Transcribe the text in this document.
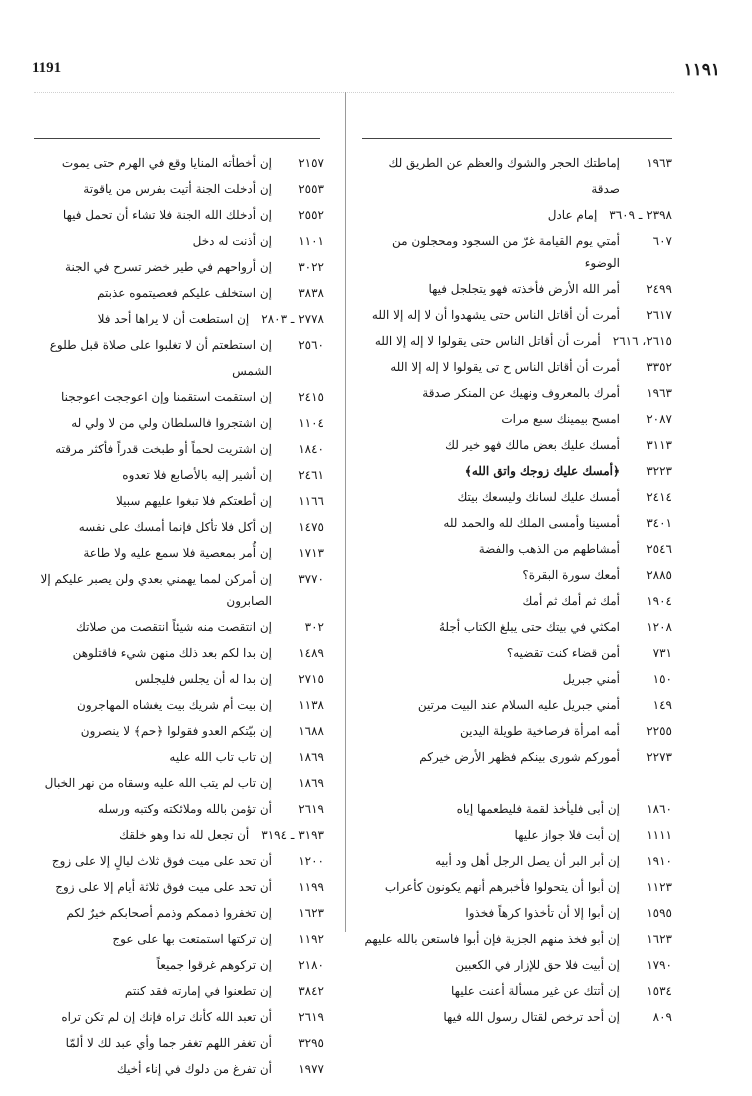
1191	١١٩١
١٩٦٣
إماطتك الحجر والشوك والعظم عن الطريق لك صدقة
٢٣٩٨ ـ ٣٦٠٩
إمام عادل
٦٠٧
أمتي يوم القيامة غرّ من السجود ومحجلون من الوضوء
٢٤٩٩
أمر الله الأرض فأخذته فهو يتجلجل فيها
٢٦١٧
أمرت أن أقاتل الناس حتى يشهدوا أن لا إله إلا الله
٢٦١٥، ٢٦١٦
أمرت أن أقاتل الناس حتى يقولوا لا إله إلا الله
٣٣٥٢
أمرت أن أقاتل الناس ح تى يقولوا لا إله إلا الله
١٩٦٣
أمرك بالمعروف ونهيك عن المنكر صدقة
٢٠٨٧
امسح بيمينك سبع مرات
٣١١٣
أمسك عليك بعض مالك فهو خير لك
٣٢٢٣
﴿أمسك عليك زوجك واتق الله﴾
٢٤١٤
أمسك عليك لسانك وليسعك بيتك
٣٤٠١
أمسينا وأمسى الملك لله والحمد لله
٢٥٤٦
أمشاطهم من الذهب والفضة
٢٨٨٥
أمعك سورة البقرة؟
١٩٠٤
أمك ثم أمك ثم أمك
١٢٠٨
امكثي في بيتك حتى يبلغ الكتاب أجلهُ
٧٣١
أمن قضاء كنت تقضيه؟
١٥٠
أمني جبريل
١٤٩
أمني جبريل عليه السلام عند البيت مرتين
٢٢٥٥
أمه امرأة فرصاخية طويلة اليدين
٢٢٧٣
أموركم شورى بينكم فظهر الأرض خيركم
١٨٦٠
إن أبى فليأخذ لقمة فليطعمها إياه
١١١١
إن أبت فلا جواز عليها
١٩١٠
إن أبر البر أن يصل الرجل أهل ود أبيه
١١٢٣
إن أبوا أن يتحولوا فأخبرهم أنهم يكونون كأعراب
١٥٩٥
إن أبوا إلا أن تأخذوا كرهاً فخذوا
١٦٢٣
إن أبو فخذ منهم الجزية فإن أبوا فاستعن بالله عليهم
١٧٩٠
إن أبيت فلا حق للإزار في الكعبين
١٥٣٤
إن أتتك عن غير مسألة أعنت عليها
٨٠٩
إن أحد ترخص لقتال رسول الله فيها
٢١٥٧
إن أخطأته المنايا وقع في الهرم حتى يموت
٢٥٥٣
إن أدخلت الجنة أتيت بفرس من ياقوتة
٢٥٥٢
إن أدخلك الله الجنة فلا تشاء أن تحمل فيها
١١٠١
إن أذنت له دخل
٣٠٢٢
إن أرواحهم في طير خضر تسرح في الجنة
٣٨٣٨
إن استخلف عليكم فعصيتموه عذبتم
٢٧٧٨ ـ ٢٨٠٣
إن استطعت أن لا يراها أحد فلا
٢٥٦٠
إن استطعتم أن لا تغلبوا على صلاة قبل طلوع الشمس
٢٤١٥
إن استقمت استقمنا وإن اعوججت اعوججنا
١١٠٤
إن اشتجروا فالسلطان ولي من لا ولي له
١٨٤٠
إن اشتريت لحماً أو طبخت قدراً فأكثر مرقته
٢٤٦١
إن أشير إليه بالأصابع فلا تعدوه
١١٦٦
إن أطعتكم فلا تبغوا عليهم سبيلا
١٤٧٥
إن أكل فلا تأكل فإنما أمسك على نفسه
١٧١٣
إن أُمر بمعصية فلا سمع عليه ولا طاعة
٣٧٧٠
إن أمركن لمما يهمني بعدي ولن يصبر عليكم إلا الصابرون
٣٠٢
إن انتقصت منه شيئاً انتقصت من صلاتك
١٤٨٩
إن بدا لكم بعد ذلك منهن شيء فاقتلوهن
٢٧١٥
إن بدا له أن يجلس فليجلس
١١٣٨
إن بيت أم شريك بيت يغشاه المهاجرون
١٦٨٨
إن بيّتكم العدو فقولوا ﴿حم﴾ لا ينصرون
١٨٦٩
إن تاب تاب الله عليه
١٨٦٩
إن تاب لم يتب الله عليه وسقاه من نهر الخبال
٢٦١٩
أن تؤمن بالله وملائكته وكتبه ورسله
٣١٩٣ ـ ٣١٩٤
أن تجعل لله ندا وهو خلقك
١٢٠٠
أن تحد على ميت فوق ثلاث ليالٍ إلا على زوج
١١٩٩
أن تحد على ميت فوق ثلاثة أيام إلا على زوج
١٦٢٣
إن تخفروا ذممكم وذمم أصحابكم خيرٌ لكم
١١٩٢
إن تركتها استمتعت بها على عوج
٢١٨٠
إن تركوهم غرقوا جميعاً
٣٨٤٢
إن تطعنوا في إمارته فقد كنتم
٢٦١٩
أن تعبد الله كأنك تراه فإنك إن لم تكن تراه
٣٢٩٥
أن تغفر اللهم تغفر جما وأي عبد لك لا ألمّا
١٩٧٧
أن تفرغ من دلوك في إناء أخيك
